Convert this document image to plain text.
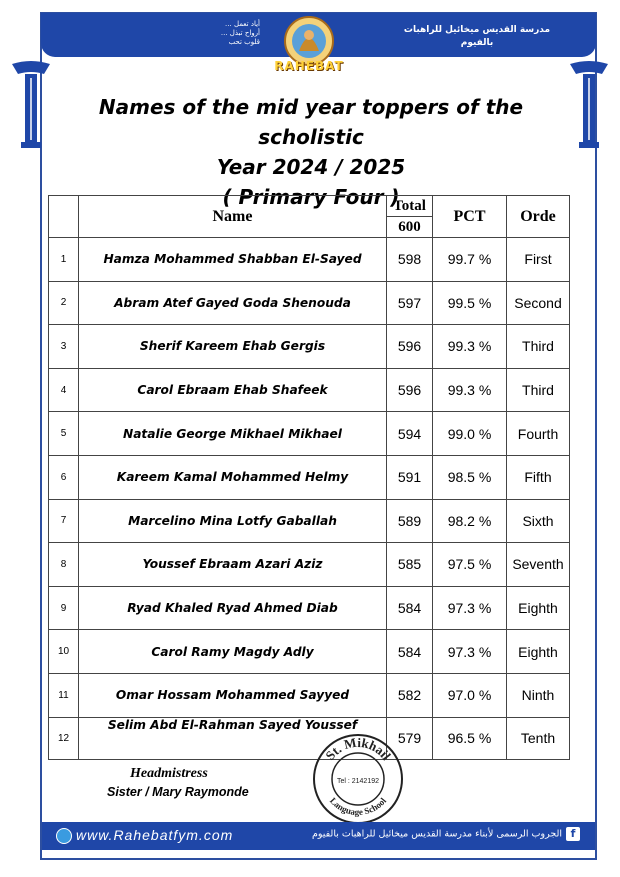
أياد تعمل ...
أرواح تبذل ...
قلوب تحب
مدرسة القديس ميخائيل للراهبات
بالفيوم
RAHEBAT
Names of the mid year toppers of the scholistic
Year 2024 / 2025
( Primary Four )
	Name	Total	PCT	Orde
		600		
1	Hamza Mohammed Shabban El-Sayed	598	99.7 %	First
2	Abram Atef Gayed Goda Shenouda	597	99.5 %	Second
3	Sherif Kareem Ehab Gergis	596	99.3 %	Third
4	Carol Ebraam Ehab Shafeek	596	99.3 %	Third
5	Natalie George Mikhael Mikhael	594	99.0 %	Fourth
6	Kareem Kamal Mohammed Helmy	591	98.5 %	Fifth
7	Marcelino Mina Lotfy Gaballah	589	98.2 %	Sixth
8	Youssef Ebraam Azari Aziz	585	97.5 %	Seventh
9	Ryad Khaled Ryad Ahmed Diab	584	97.3 %	Eighth
10	Carol Ramy Magdy Adly	584	97.3 %	Eighth
11	Omar Hossam Mohammed Sayyed	582	97.0 %	Ninth
12	Selim Abd El-Rahman Sayed Youssef	579	96.5 %	Tenth
Headmistress
Sister / Mary Raymonde
St. Mikhail
Tel : 2142192
Language School
www.Rahebatfym.com	fالجروب الرسمى لأبناء مدرسة القديس ميخائيل للراهبات بالفيوم
